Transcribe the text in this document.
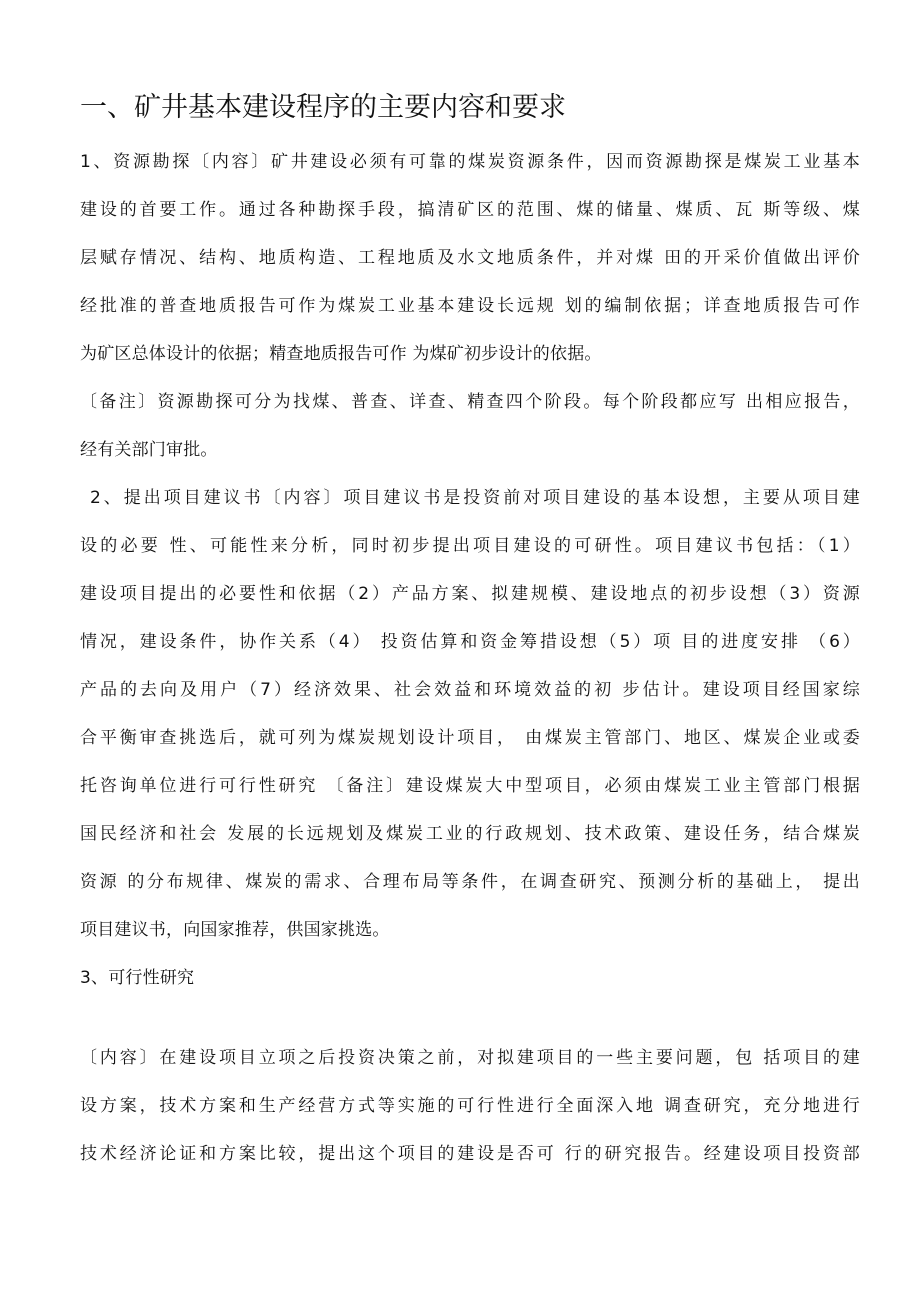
一、矿井基本建设程序的主要内容和要求
1、资源勘探〔内容〕矿井建设必须有可靠的煤炭资源条件，因而资源勘探是煤炭工业基本
建设的首要工作。通过各种勘探手段，搞清矿区的范围、煤的储量、煤质、瓦 斯等级、煤
层赋存情况、结构、地质构造、工程地质及水文地质条件，并对煤 田的开采价值做出评价
经批准的普查地质报告可作为煤炭工业基本建设长远规 划的编制依据；详查地质报告可作
为矿区总体设计的依据；精查地质报告可作 为煤矿初步设计的依据。
〔备注〕资源勘探可分为找煤、普查、详查、精查四个阶段。每个阶段都应写 出相应报告，
经有关部门审批。
2、提出项目建议书〔内容〕项目建议书是投资前对项目建设的基本设想，主要从项目建
设的必要 性、可能性来分析，同时初步提出项目建设的可研性。项目建议书包括：（1）
建设项目提出的必要性和依据（2）产品方案、拟建规模、建设地点的初步设想（3）资源
情况，建设条件，协作关系（4） 投资估算和资金筹措设想（5）项 目的进度安排 （6）
产品的去向及用户（7）经济效果、社会效益和环境效益的初 步估计。建设项目经国家综
合平衡审查挑选后，就可列为煤炭规划设计项目， 由煤炭主管部门、地区、煤炭企业或委
托咨询单位进行可行性研究 〔备注〕建设煤炭大中型项目，必须由煤炭工业主管部门根据
国民经济和社会 发展的长远规划及煤炭工业的行政规划、技术政策、建设任务，结合煤炭
资源 的分布规律、煤炭的需求、合理布局等条件，在调查研究、预测分析的基础上， 提出
项目建议书，向国家推荐，供国家挑选。
3、可行性研究
〔内容〕在建设项目立项之后投资决策之前，对拟建项目的一些主要问题，包 括项目的建
设方案，技术方案和生产经营方式等实施的可行性进行全面深入地 调查研究，充分地进行
技术经济论证和方案比较，提出这个项目的建设是否可 行的研究报告。经建设项目投资部
